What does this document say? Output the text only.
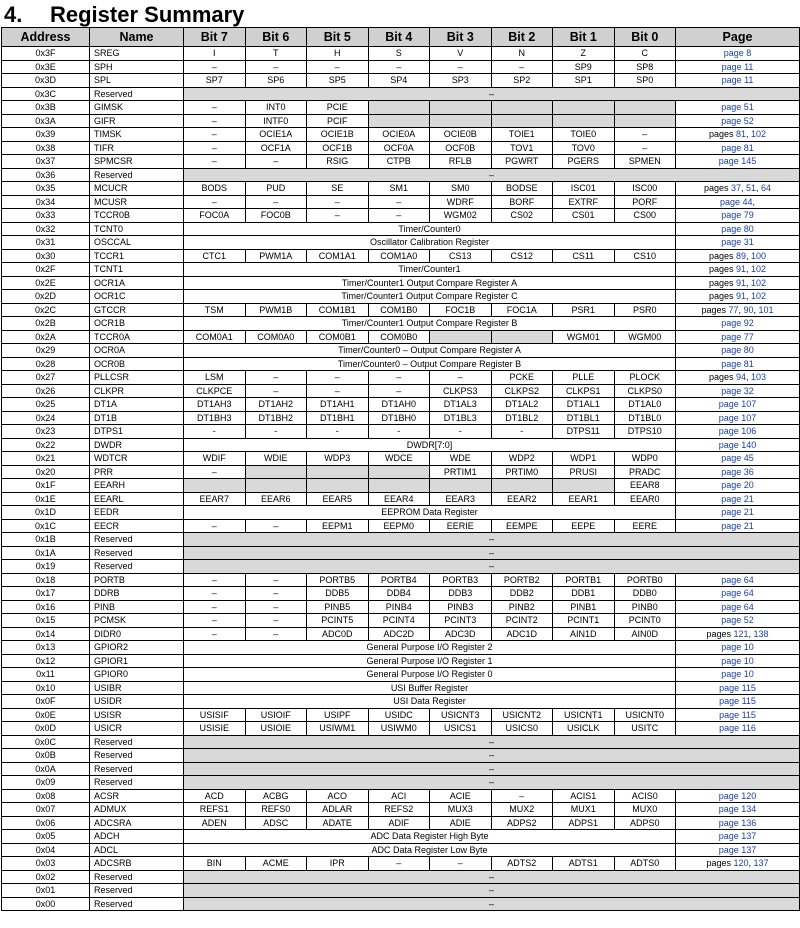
4.	Register Summary
Address	Name	Bit 7	Bit 6	Bit 5	Bit 4	Bit 3	Bit 2	Bit 1	Bit 0	Page
0x3F	SREG	I	T	H	S	V	N	Z	C	page 8
0x3E	SPH	–	–	–	–	–	–	SP9	SP8	page 11
0x3D	SPL	SP7	SP6	SP5	SP4	SP3	SP2	SP1	SP0	page 11
0x3C	Reserved	–								
0x3B	GIMSK	–	INT0	PCIE						page 51
0x3A	GIFR	–	INTF0	PCIF						page 52
0x39	TIMSK	–	OCIE1A	OCIE1B	OCIE0A	OCIE0B	TOIE1	TOIE0	–	pages 81, 102
0x38	TIFR	–	OCF1A	OCF1B	OCF0A	OCF0B	TOV1	TOV0	–	page 81
0x37	SPMCSR	–	–	RSIG	CTPB	RFLB	PGWRT	PGERS	SPMEN	page 145
0x36	Reserved	–								
0x35	MCUCR	BODS	PUD	SE	SM1	SM0	BODSE	ISC01	ISC00	pages 37, 51, 64
0x34	MCUSR	–	–	–	–	WDRF	BORF	EXTRF	PORF	page 44,
0x33	TCCR0B	FOC0A	FOC0B	–	–	WGM02	CS02	CS01	CS00	page 79
0x32	TCNT0	Timer/Counter0								page 80
0x31	OSCCAL	Oscillator Calibration Register								page 31
0x30	TCCR1	CTC1	PWM1A	COM1A1	COM1A0	CS13	CS12	CS11	CS10	pages 89, 100
0x2F	TCNT1	Timer/Counter1								pages 91, 102
0x2E	OCR1A	Timer/Counter1 Output Compare Register A								pages 91, 102
0x2D	OCR1C	Timer/Counter1 Output Compare Register C								pages 91, 102
0x2C	GTCCR	TSM	PWM1B	COM1B1	COM1B0	FOC1B	FOC1A	PSR1	PSR0	pages 77, 90, 101
0x2B	OCR1B	Timer/Counter1 Output Compare Register B								page 92
0x2A	TCCR0A	COM0A1	COM0A0	COM0B1	COM0B0			WGM01	WGM00	page 77
0x29	OCR0A	Timer/Counter0 – Output Compare Register A								page 80
0x28	OCR0B	Timer/Counter0 – Output Compare Register B								page 81
0x27	PLLCSR	LSM	–	–	–	–	PCKE	PLLE	PLOCK	pages 94, 103
0x26	CLKPR	CLKPCE	–	–	–	CLKPS3	CLKPS2	CLKPS1	CLKPS0	page 32
0x25	DT1A	DT1AH3	DT1AH2	DT1AH1	DT1AH0	DT1AL3	DT1AL2	DT1AL1	DT1AL0	page 107
0x24	DT1B	DT1BH3	DT1BH2	DT1BH1	DT1BH0	DT1BL3	DT1BL2	DT1BL1	DT1BL0	page 107
0x23	DTPS1	-	-	-	-	-	-	DTPS11	DTPS10	page 106
0x22	DWDR	DWDR[7:0]								page 140
0x21	WDTCR	WDIF	WDIE	WDP3	WDCE	WDE	WDP2	WDP1	WDP0	page 45
0x20	PRR	–				PRTIM1	PRTIM0	PRUSI	PRADC	page 36
0x1F	EEARH								EEAR8	page 20
0x1E	EEARL	EEAR7	EEAR6	EEAR5	EEAR4	EEAR3	EEAR2	EEAR1	EEAR0	page 21
0x1D	EEDR	EEPROM Data Register								page 21
0x1C	EECR	–	–	EEPM1	EEPM0	EERIE	EEMPE	EEPE	EERE	page 21
0x1B	Reserved	–								
0x1A	Reserved	–								
0x19	Reserved	–								
0x18	PORTB	–	–	PORTB5	PORTB4	PORTB3	PORTB2	PORTB1	PORTB0	page 64
0x17	DDRB	–	–	DDB5	DDB4	DDB3	DDB2	DDB1	DDB0	page 64
0x16	PINB	–	–	PINB5	PINB4	PINB3	PINB2	PINB1	PINB0	page 64
0x15	PCMSK	–	–	PCINT5	PCINT4	PCINT3	PCINT2	PCINT1	PCINT0	page 52
0x14	DIDR0	–	–	ADC0D	ADC2D	ADC3D	ADC1D	AIN1D	AIN0D	pages 121, 138
0x13	GPIOR2	General Purpose I/O Register 2								page 10
0x12	GPIOR1	General Purpose I/O Register 1								page 10
0x11	GPIOR0	General Purpose I/O Register 0								page 10
0x10	USIBR	USI Buffer Register								page 115
0x0F	USIDR	USI Data Register								page 115
0x0E	USISR	USISIF	USIOIF	USIPF	USIDC	USICNT3	USICNT2	USICNT1	USICNT0	page 115
0x0D	USICR	USISIE	USIOIE	USIWM1	USIWM0	USICS1	USICS0	USICLK	USITC	page 116
0x0C	Reserved	–								
0x0B	Reserved	–								
0x0A	Reserved	–								
0x09	Reserved	–								
0x08	ACSR	ACD	ACBG	ACO	ACI	ACIE	–	ACIS1	ACIS0	page 120
0x07	ADMUX	REFS1	REFS0	ADLAR	REFS2	MUX3	MUX2	MUX1	MUX0	page 134
0x06	ADCSRA	ADEN	ADSC	ADATE	ADIF	ADIE	ADPS2	ADPS1	ADPS0	page 136
0x05	ADCH	ADC Data Register High Byte								page 137
0x04	ADCL	ADC Data Register Low Byte								page 137
0x03	ADCSRB	BIN	ACME	IPR	–	–	ADTS2	ADTS1	ADTS0	pages 120, 137
0x02	Reserved	–								
0x01	Reserved	–								
0x00	Reserved	–								
